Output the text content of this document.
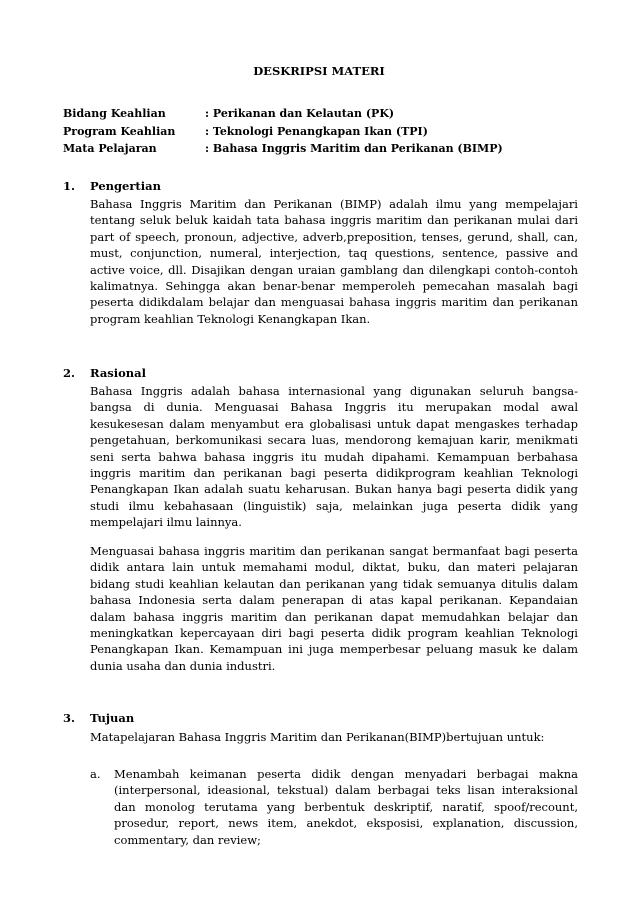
DESKRIPSI MATERI
Bidang Keahlian	: Perikanan dan Kelautan (PK)
Program Keahlian	: Teknologi Penangkapan Ikan (TPI)
Mata Pelajaran	: Bahasa Inggris Maritim dan Perikanan (BIMP)
1.	Pengertian
Bahasa Inggris Maritim dan Perikanan (BIMP) adalah ilmu yang mempelajari tentang seluk beluk kaidah tata bahasa inggris maritim dan perikanan mulai dari part of speech, pronoun, adjective, adverb,preposition, tenses, gerund, shall, can, must, conjunction, numeral, interjection, taq questions, sentence, passive and active voice, dll. Disajikan dengan uraian gamblang dan dilengkapi contoh-contoh kalimatnya. Sehingga akan benar-benar memperoleh pemecahan masalah bagi peserta didikdalam belajar dan menguasai bahasa inggris maritim dan perikanan program keahlian Teknologi Kenangkapan Ikan.
2.	Rasional
Bahasa Inggris adalah bahasa internasional yang digunakan seluruh bangsa-bangsa di dunia. Menguasai Bahasa Inggris itu merupakan modal awal kesukesesan dalam menyambut era globalisasi untuk dapat mengaskes terhadap pengetahuan, berkomunikasi secara luas, mendorong kemajuan karir, menikmati seni serta bahwa bahasa inggris itu mudah dipahami. Kemampuan berbahasa inggris maritim dan perikanan bagi peserta didikprogram keahlian Teknologi Penangkapan Ikan adalah suatu keharusan. Bukan hanya bagi peserta didik yang studi ilmu kebahasaan (linguistik) saja, melainkan juga peserta didik yang mempelajari ilmu lainnya.
Menguasai bahasa inggris maritim dan perikanan sangat bermanfaat bagi peserta didik antara lain untuk memahami modul, diktat, buku, dan materi pelajaran bidang studi keahlian kelautan dan perikanan yang tidak semuanya ditulis dalam bahasa Indonesia serta dalam penerapan di atas kapal perikanan. Kepandaian dalam bahasa inggris maritim dan perikanan dapat memudahkan belajar dan meningkatkan kepercayaan diri bagi peserta didik program keahlian Teknologi Penangkapan Ikan. Kemampuan ini juga memperbesar peluang masuk ke dalam dunia usaha dan dunia industri.
3.	Tujuan
Matapelajaran Bahasa Inggris Maritim dan Perikanan(BIMP)bertujuan untuk:
a.	Menambah keimanan peserta didik dengan menyadari berbagai makna (interpersonal, ideasional, tekstual) dalam berbagai teks lisan interaksional dan monolog terutama yang berbentuk deskriptif, naratif, spoof/recount, prosedur, report, news item, anekdot, eksposisi, explanation, discussion, commentary, dan review;
